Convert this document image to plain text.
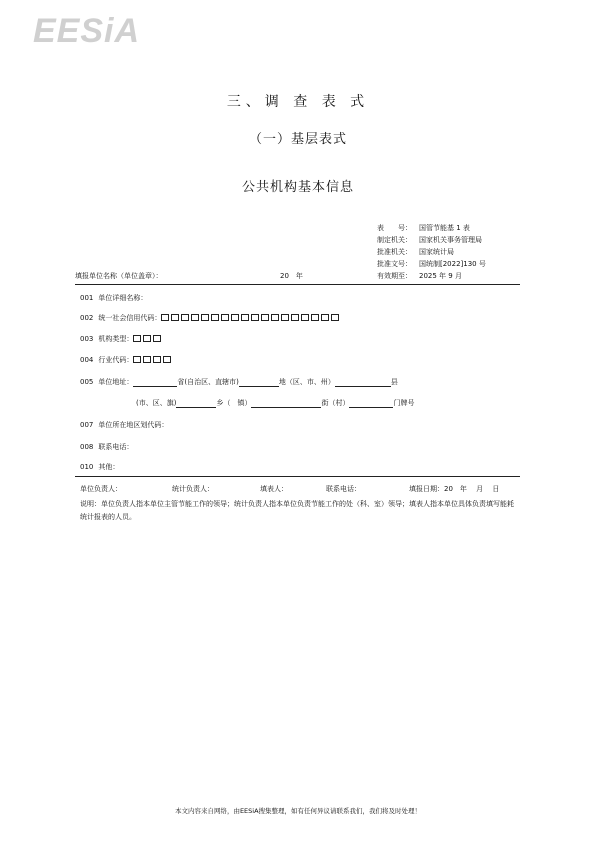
EESiA
三、调 查 表 式
（一）基层表式
公共机构基本信息
表　　号： 国管节能基 1 表
制定机关： 国家机关事务管理局
批准机关： 国家统计局
批准文号： 国统制[2022]130 号
填报单位名称（单位盖章）：	20　年	有效期至： 2025 年 9 月
001 单位详细名称：
002 统一社会信用代码：
003 机构类型：
004 行业代码：
005 单位地址：	省(自治区、直辖市)	地（区、市、州）	县
(市、区、旗)	乡（　镇）	街（村）	门牌号
007 单位所在地区划代码：
008 联系电话：
010 其他：
单位负责人：	统计负责人：	填表人：	联系电话：	填报日期：20　年　 月　 日
说明：单位负责人指本单位主管节能工作的领导；统计负责人指本单位负责节能工作的处（科、室）领导；填表人指本单位具体负责填写能耗统计报表的人员。
本文内容来自网络，由EESiA搜集整理，如有任何异议请联系我们，我们将及时处理！
